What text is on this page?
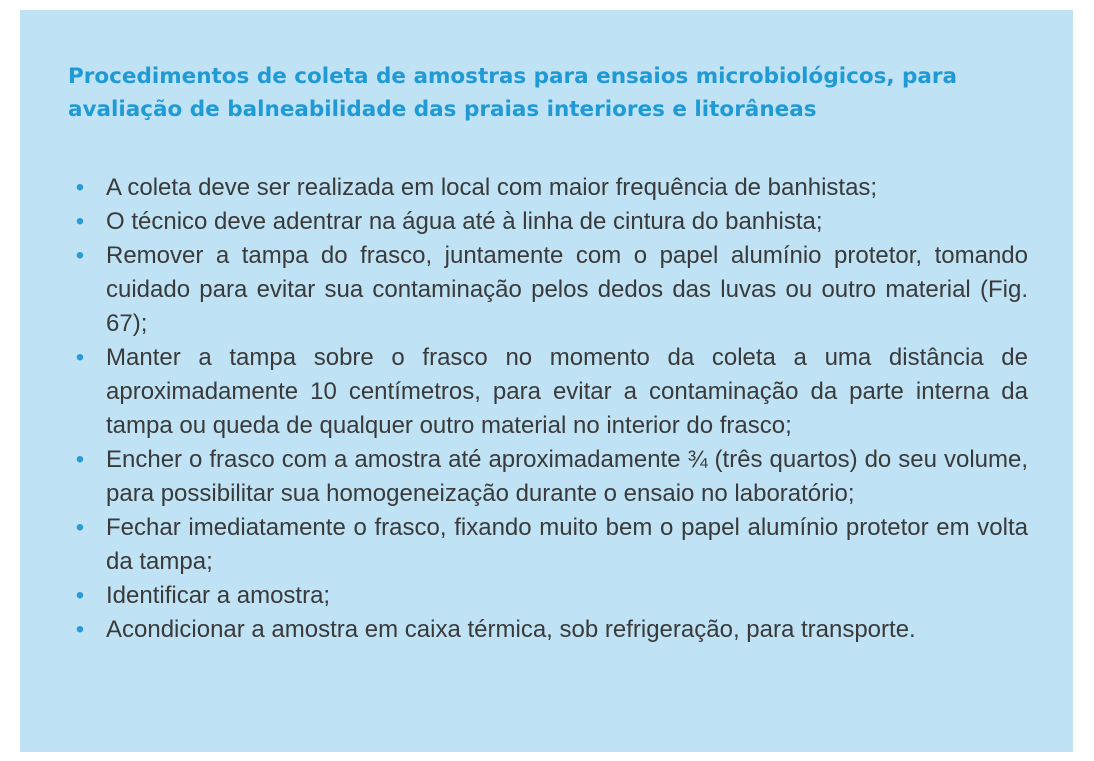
Procedimentos de coleta de amostras para ensaios microbiológicos, para avaliação de balneabilidade das praias interiores e litorâneas
• A coleta deve ser realizada em local com maior frequência de banhistas;
• O técnico deve adentrar na água até à linha de cintura do banhista;
• Remover a tampa do frasco, juntamente com o papel alumínio protetor, tomando cuidado para evitar sua contaminação pelos dedos das luvas ou outro material (Fig. 67);
• Manter a tampa sobre o frasco no momento da coleta a uma distância de aproximadamente 10 centímetros, para evitar a contaminação da parte interna da tampa ou queda de qualquer outro material no interior do frasco;
• Encher o frasco com a amostra até aproximadamente ¾ (três quartos) do seu volume, para possibilitar sua homogeneização durante o ensaio no laboratório;
• Fechar imediatamente o frasco, fixando muito bem o papel alumínio protetor em volta da tampa;
• Identificar a amostra;
• Acondicionar a amostra em caixa térmica, sob refrigeração, para transporte.
